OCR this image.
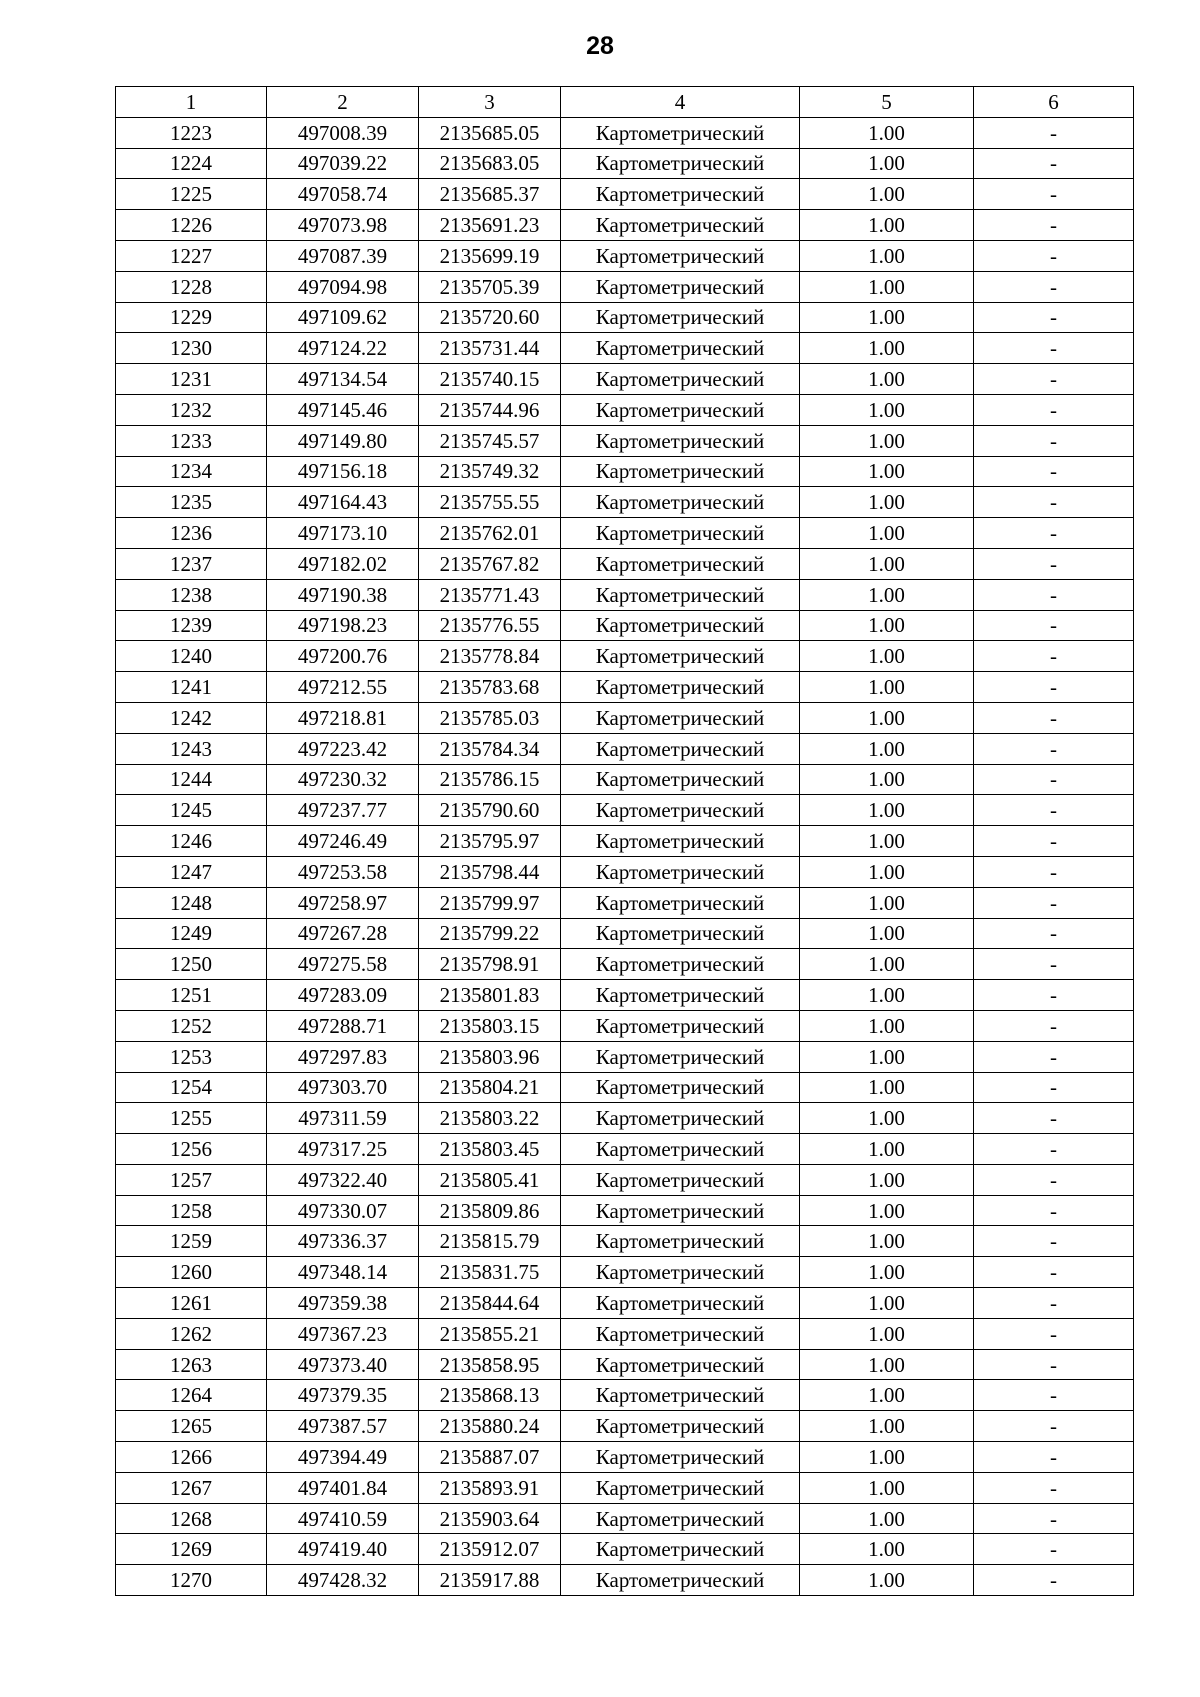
28
1	2	3	4	5	6
1223	497008.39	2135685.05	Картометрический	1.00	-
1224	497039.22	2135683.05	Картометрический	1.00	-
1225	497058.74	2135685.37	Картометрический	1.00	-
1226	497073.98	2135691.23	Картометрический	1.00	-
1227	497087.39	2135699.19	Картометрический	1.00	-
1228	497094.98	2135705.39	Картометрический	1.00	-
1229	497109.62	2135720.60	Картометрический	1.00	-
1230	497124.22	2135731.44	Картометрический	1.00	-
1231	497134.54	2135740.15	Картометрический	1.00	-
1232	497145.46	2135744.96	Картометрический	1.00	-
1233	497149.80	2135745.57	Картометрический	1.00	-
1234	497156.18	2135749.32	Картометрический	1.00	-
1235	497164.43	2135755.55	Картометрический	1.00	-
1236	497173.10	2135762.01	Картометрический	1.00	-
1237	497182.02	2135767.82	Картометрический	1.00	-
1238	497190.38	2135771.43	Картометрический	1.00	-
1239	497198.23	2135776.55	Картометрический	1.00	-
1240	497200.76	2135778.84	Картометрический	1.00	-
1241	497212.55	2135783.68	Картометрический	1.00	-
1242	497218.81	2135785.03	Картометрический	1.00	-
1243	497223.42	2135784.34	Картометрический	1.00	-
1244	497230.32	2135786.15	Картометрический	1.00	-
1245	497237.77	2135790.60	Картометрический	1.00	-
1246	497246.49	2135795.97	Картометрический	1.00	-
1247	497253.58	2135798.44	Картометрический	1.00	-
1248	497258.97	2135799.97	Картометрический	1.00	-
1249	497267.28	2135799.22	Картометрический	1.00	-
1250	497275.58	2135798.91	Картометрический	1.00	-
1251	497283.09	2135801.83	Картометрический	1.00	-
1252	497288.71	2135803.15	Картометрический	1.00	-
1253	497297.83	2135803.96	Картометрический	1.00	-
1254	497303.70	2135804.21	Картометрический	1.00	-
1255	497311.59	2135803.22	Картометрический	1.00	-
1256	497317.25	2135803.45	Картометрический	1.00	-
1257	497322.40	2135805.41	Картометрический	1.00	-
1258	497330.07	2135809.86	Картометрический	1.00	-
1259	497336.37	2135815.79	Картометрический	1.00	-
1260	497348.14	2135831.75	Картометрический	1.00	-
1261	497359.38	2135844.64	Картометрический	1.00	-
1262	497367.23	2135855.21	Картометрический	1.00	-
1263	497373.40	2135858.95	Картометрический	1.00	-
1264	497379.35	2135868.13	Картометрический	1.00	-
1265	497387.57	2135880.24	Картометрический	1.00	-
1266	497394.49	2135887.07	Картометрический	1.00	-
1267	497401.84	2135893.91	Картометрический	1.00	-
1268	497410.59	2135903.64	Картометрический	1.00	-
1269	497419.40	2135912.07	Картометрический	1.00	-
1270	497428.32	2135917.88	Картометрический	1.00	-
